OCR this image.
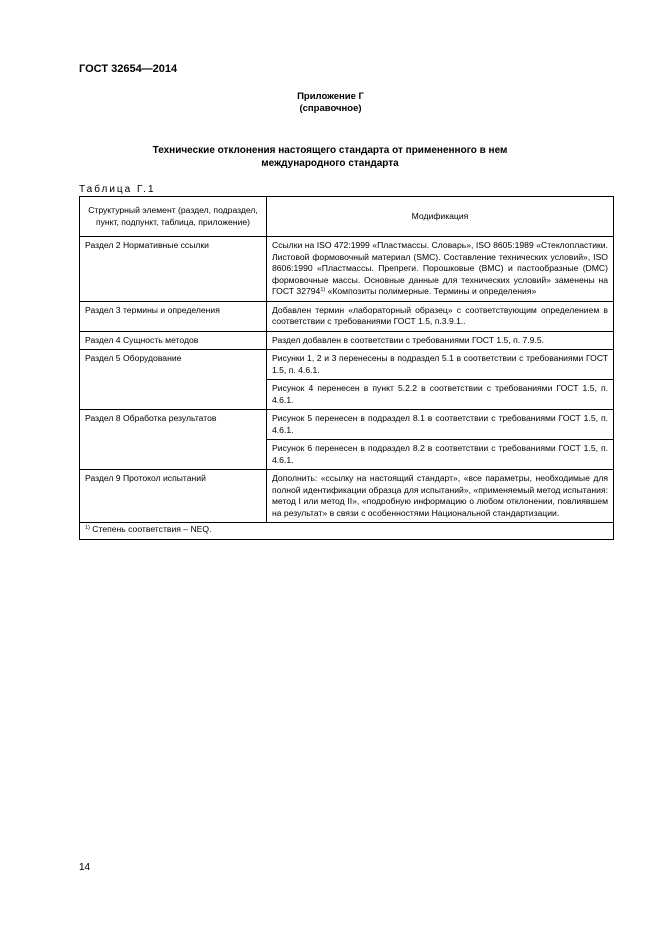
ГОСТ 32654—2014
Приложение Г
(справочное)
Технические отклонения настоящего стандарта от примененного в нем
международного стандарта
Таблица Г.1
Структурный элемент (раздел, подраздел, пункт, подпункт, таблица, приложение)	Модификация
Раздел 2 Нормативные ссылки	Ссылки на ISO 472:1999 «Пластмассы. Словарь», ISO 8605:1989 «Стеклопластики. Листовой формовочный материал (SMC). Составление технических условий», ISO 8606:1990 «Пластмассы. Препреги. Порошковые (BMC) и пастообразные (DMC) формовочные массы. Основные данные для технических условий» заменены на ГОСТ 32794$^{1)}$ «Композиты полимерные. Термины и определения»
Раздел 3 термины и определения	Добавлен термин «лабораторный образец» с соответствующим определением в соответствии с требованиями ГОСТ 1.5, п.3.9.1..
Раздел 4 Сущность методов	Раздел добавлен в соответствии с требованиями ГОСТ 1.5, п. 7.9.5.
Раздел 5 Оборудование	Рисунки 1, 2 и 3 перенесены в подраздел 5.1 в соответствии с требованиями ГОСТ 1.5, п. 4.6.1.
	Рисунок 4 перенесен в пункт 5.2.2 в соответствии с требованиями ГОСТ 1.5, п. 4.6.1.
Раздел 8 Обработка результатов	Рисунок 5 перенесен в подраздел 8.1 в соответствии с требованиями ГОСТ 1.5, п. 4.6.1.
	Рисунок 6 перенесен в подраздел 8.2 в соответствии с требованиями ГОСТ 1.5, п. 4.6.1.
Раздел 9 Протокол испытаний	Дополнить: «ссылку на настоящий стандарт», «все параметры, необходимые для полной идентификации образца для испытаний», «применяемый метод испытания: метод I или метод II», «подробную информацию о любом отклонении, повлиявшем на результат» в связи с особенностями Национальной стандартизации.
$^{1)}$ Степень соответствия – NEQ.	
14
